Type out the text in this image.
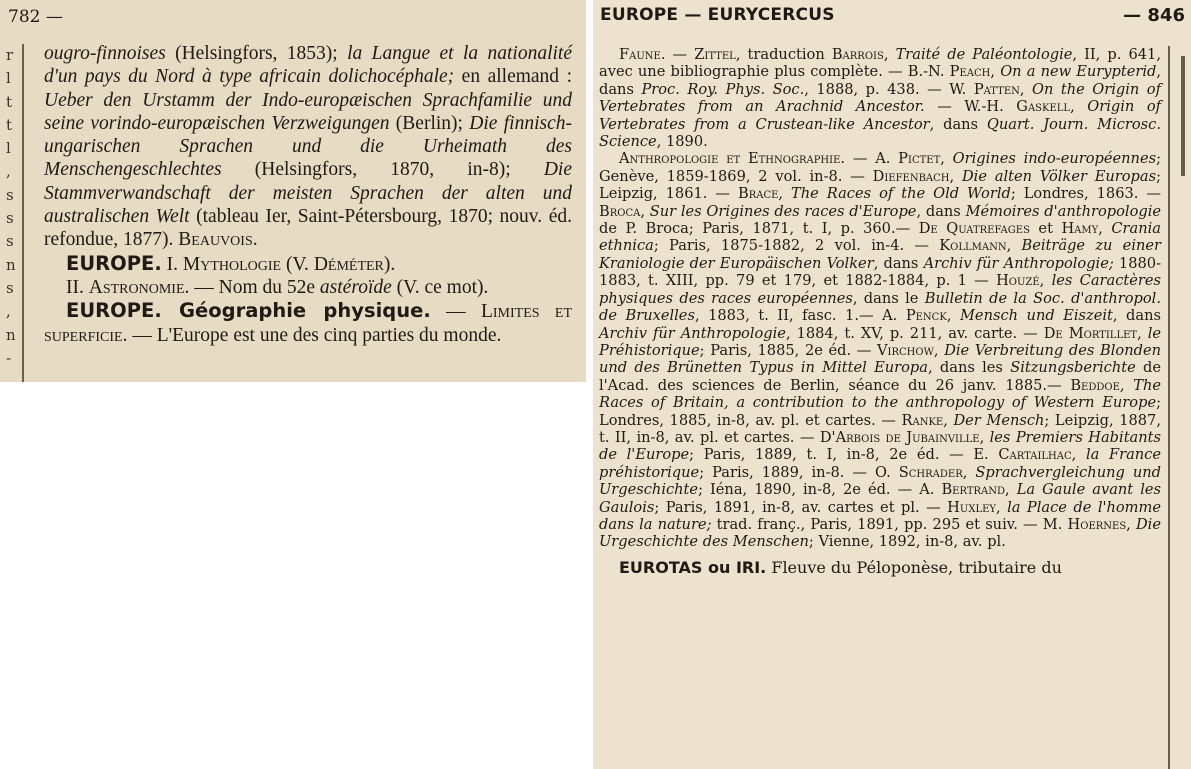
782 —
r
l
t
t
l
,
s
s
s
n
s
,
n
-

ougro-finnoises (Helsingfors, 1853); la Langue et la nationalité d'un pays du Nord à type africain dolichocéphale; en allemand : Ueber den Urstamm der Indo-europæischen Sprachfamilie und seine vorindo-europæischen Verzweigungen (Berlin); Die finnisch-ungarischen Sprachen und die Urheimath des Menschengeschlechtes (Helsingfors, 1870, in-8); Die Stammverwandschaft der meisten Sprachen der alten und australischen Welt (tableau Ier, Saint-Pétersbourg, 1870; nouv. éd. refondue, 1877). Beauvois.

EUROPE. I. Mythologie (V. Déméter).

II. Astronomie. — Nom du 52e astéroïde (V. ce mot).

EUROPE. Géographie physique. — Limites et superficie. — L'Europe est une des cinq parties du monde.

EUROPE — EURYCERCUS	— 846

Faune. — Zittel, traduction Barrois, Traité de Paléontologie, II, p. 641, avec une bibliographie plus complète. — B.-N. Peach, On a new Eurypterid, dans Proc. Roy. Phys. Soc., 1888, p. 438. — W. Patten, On the Origin of Vertebrates from an Arachnid Ancestor. — W.-H. Gaskell, Origin of Vertebrates from a Crustean-like Ancestor, dans Quart. Journ. Microsc. Science, 1890.

Anthropologie et Ethnographie. — A. Pictet, Origines indo-européennes; Genève, 1859-1869, 2 vol. in-8. — Diefenbach, Die alten Völker Europas; Leipzig, 1861. — Brace, The Races of the Old World; Londres, 1863. — Broca, Sur les Origines des races d'Europe, dans Mémoires d'anthropologie de P. Broca; Paris, 1871, t. I, p. 360.— De Quatrefages et Hamy, Crania ethnica; Paris, 1875-1882, 2 vol. in-4. — Kollmann, Beiträge zu einer Kraniologie der Europäischen Volker, dans Archiv für Anthropologie; 1880-1883, t. XIII, pp. 79 et 179, et 1882-1884, p. 1 — Houzé, les Caractères physiques des races européennes, dans le Bulletin de la Soc. d'anthropol. de Bruxelles, 1883, t. II, fasc. 1.— A. Penck, Mensch und Eiszeit, dans Archiv für Anthropologie, 1884, t. XV, p. 211, av. carte. — De Mortillet, le Préhistorique; Paris, 1885, 2e éd. — Virchow, Die Verbreitung des Blonden und des Brünetten Typus in Mittel Europa, dans les Sitzungsberichte de l'Acad. des sciences de Berlin, séance du 26 janv. 1885.— Beddoe, The Races of Britain, a contribution to the anthropology of Western Europe; Londres, 1885, in-8, av. pl. et cartes. — Ranke, Der Mensch; Leipzig, 1887, t. II, in-8, av. pl. et cartes. — D'Arbois de Jubainville, les Premiers Habitants de l'Europe; Paris, 1889, t. I, in-8, 2e éd. — E. Cartailhac, la France préhistorique; Paris, 1889, in-8. — O. Schrader, Sprachvergleichung und Urgeschichte; Iéna, 1890, in-8, 2e éd. — A. Bertrand, La Gaule avant les Gaulois; Paris, 1891, in-8, av. cartes et pl. — Huxley, la Place de l'homme dans la nature; trad. franç., Paris, 1891, pp. 295 et suiv. — M. Hoernes, Die Urgeschichte des Menschen; Vienne, 1892, in-8, av. pl.

EUROTAS ou IRI. Fleuve du Péloponèse, tributaire du
